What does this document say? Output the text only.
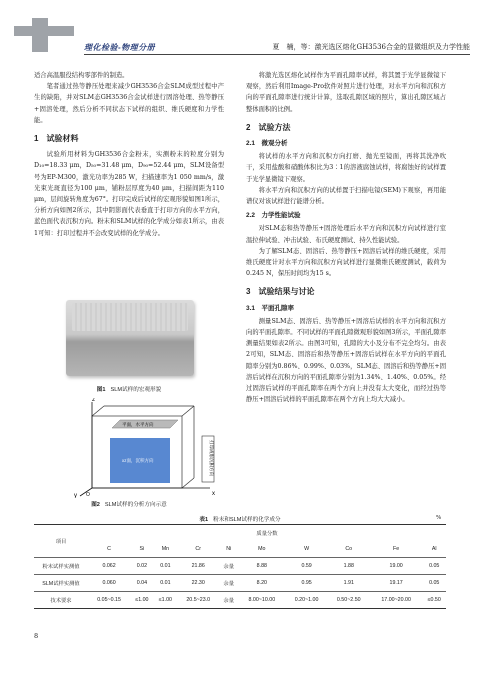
理化检验-物理分册	夏　楠，等：激光选区熔化GH3536合金的显微组织及力学性能

适合高温服役结构零部件的制造。

笔者通过热等静压处理来减少GH3536合金SLM成型过程中产生的缺陷，并对SLM态GH3536合金试样进行固溶处理、热等静压+固溶处理，然后分析不同状态下试样的组织、维氏硬度和力学性能。

1　试验材料

试验所用材料为GH3536合金粉末，实测粉末的粒度分别为D₁₀=18.33 μm，D₅₀=31.48 μm，D₉₀=52.44 μm，SLM设备型号为EP-M300，激光功率为285 W，扫描速率为1 050 mm/s，激光束光斑直径为100 μm，铺粉层厚度为40 μm，扫描间距为110 μm，层间旋转角度为67°。打印完成后试样的宏观形貌如图1所示，分析方向如图2所示，其中阴影面代表垂直于打印方向的水平方向，蓝色面代表沉积方向。粉末和SLM试样的化学成分如表1所示，由表1可知：打印过程并不会改变试样的化学成分。

图1 SLM试样的宏观形貌
z
x
y O
平面，水平方向
xz面，沉积方向	打印成形沉积方向
图2 SLM试样的分析方向示意

将激光选区熔化试样作为平面孔隙率试样，将其置于光学显微镜下观察，然后利用Image-Pro软件对照片进行处理，对水平方向和沉积方向的平面孔隙率进行统计计算，选取孔隙区域的照片，算出孔隙区域占整体面积的比例。

2　试验方法
2.1　微观分析

将试样的水平方向和沉积方向打磨、抛光至镜面，再将其洗净吹干，采用盐酸和硝酸体积比为3∶1的溶液腐蚀试样，将腐蚀好的试样置于光学显微镜下观察。

将水平方向和沉积方向的试样置于扫描电镜(SEM)下观察，再用能谱仪对该试样进行能谱分析。

2.2　力学性能试验

对SLM态和热等静压+固溶处理后水平方向和沉积方向试样进行室温拉伸试验、冲击试验、布氏硬度测试、持久性能试验。

为了解SLM态、固溶后、热等静压+固溶后试样的维氏硬度，采用维氏硬度计对水平方向和沉积方向试样进行显微维氏硬度测试，载荷为0.245 N，保压时间均为15 s。

3　试验结果与讨论
3.1　平面孔隙率

测量SLM态、固溶后、热等静压+固溶后试样的水平方向和沉积方向的平面孔隙率。不同试样的平面孔隙微观形貌如图3所示，平面孔隙率测量结果如表2所示。由图3可知，孔隙的大小及分布不完全均匀。由表2可知，SLM态、固溶后和热等静压+固溶后试样在水平方向的平面孔隙率分别为0.86%、0.99%、0.03%，SLM态、固溶后和热等静压+固溶后试样在沉积方向的平面孔隙率分别为1.34%、1.40%、0.05%。经过固溶后试样的平面孔隙率在两个方向上并没有太大变化，而经过热等静压+固溶后试样的平面孔隙率在两个方向上均大大减小。

表1 粉末和SLM试样的化学成分	%
项目	质量分数									
	C	Si	Mn	Cr	Ni	Mo	W	Co	Fe	Al
粉末试样实测值	0.062	0.02	0.01	21.86	余量	8.88	0.59	1.88	19.00	0.05
SLM试样实测值	0.060	0.04	0.01	22.30	余量	8.20	0.95	1.91	19.17	0.05
技术要求	0.05~0.15	≤1.00	≤1.00	20.5~23.0	余量	8.00~10.00	0.20~1.00	0.50~2.50	17.00~20.00	≤0.50
8
